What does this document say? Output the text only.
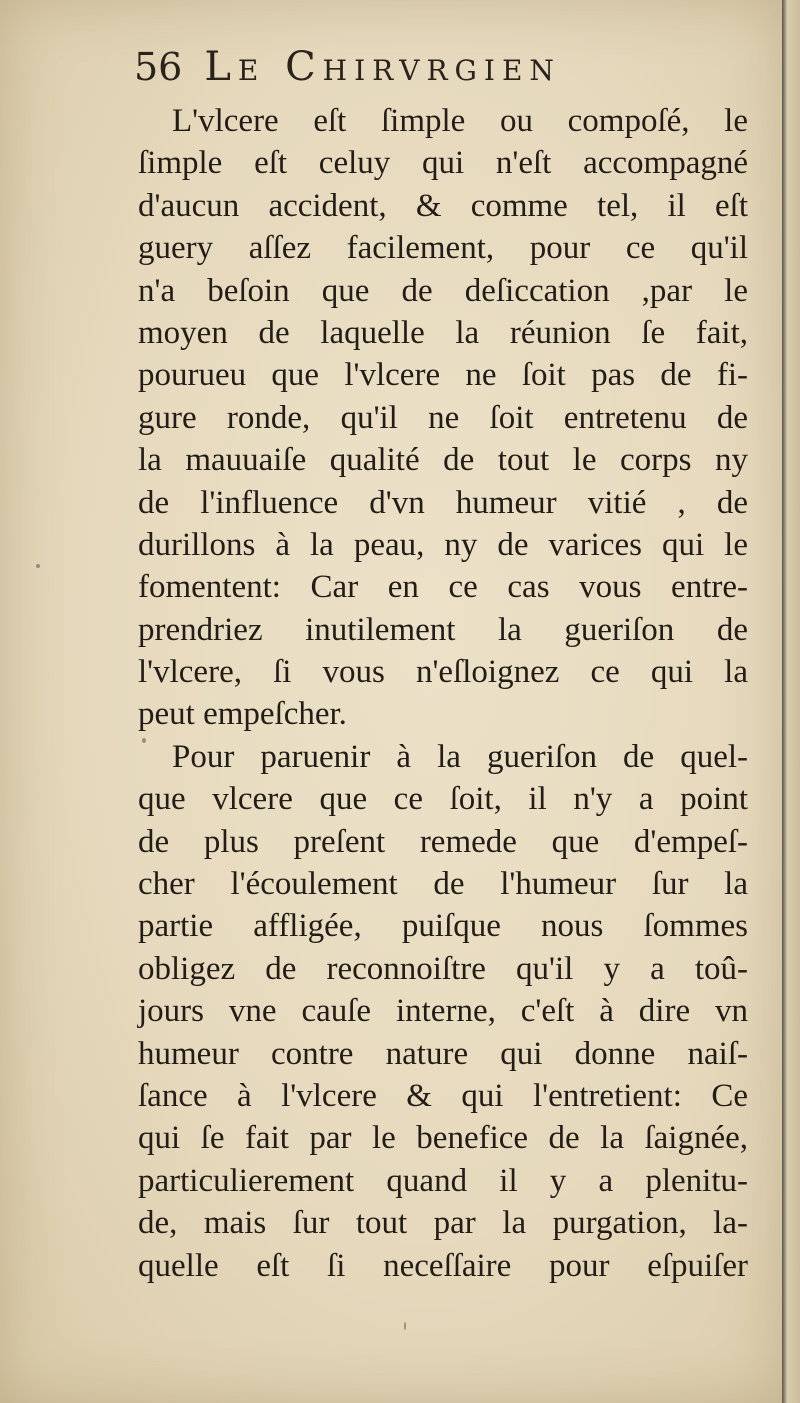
56 Le Chirvrgien
L'vlcere eſt ſimple ou compoſé, le
ſimple eſt celuy qui n'eſt accompagné
d'aucun accident, & comme tel, il eſt
guery aſſez facilement, pour ce qu'il
n'a beſoin que de deſiccation ,par le
moyen de laquelle la réunion ſe fait,
pourueu que l'vlcere ne ſoit pas de fi-
gure ronde, qu'il ne ſoit entretenu de
la mauuaiſe qualité de tout le corps ny
de l'influence d'vn humeur vitié , de
durillons à la peau, ny de varices qui le
fomentent: Car en ce cas vous entre-
prendriez inutilement la gueriſon de
l'vlcere, ſi vous n'eſloignez ce qui la
peut empeſcher.
Pour paruenir à la gueriſon de quel-
que vlcere que ce ſoit, il n'y a point
de plus preſent remede que d'empeſ-
cher l'écoulement de l'humeur ſur la
partie affligée, puiſque nous ſommes
obligez de reconnoiſtre qu'il y a toû-
jours vne cauſe interne, c'eſt à dire vn
humeur contre nature qui donne naiſ-
ſance à l'vlcere & qui l'entretient: Ce
qui ſe fait par le benefice de la ſaignée,
particulierement quand il y a plenitu-
de, mais ſur tout par la purgation, la-
quelle eſt ſi neceſſaire pour eſpuiſer
